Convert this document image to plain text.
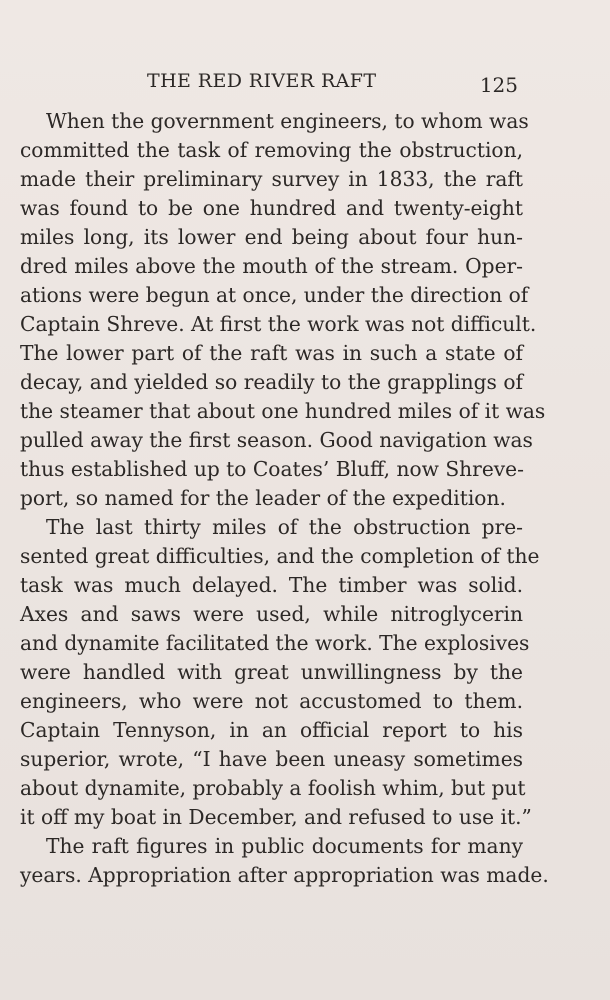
THE RED RIVER RAFT	125
When the government engineers, to whom was
committed the task of removing the obstruction,
made their preliminary survey in 1833, the raft
was found to be one hundred and twenty-eight
miles long, its lower end being about four hun-
dred miles above the mouth of the stream. Oper-
ations were begun at once, under the direction of
Captain Shreve. At first the work was not difficult.
The lower part of the raft was in such a state of
decay, and yielded so readily to the grapplings of
the steamer that about one hundred miles of it was
pulled away the first season. Good navigation was
thus established up to Coates’ Bluff, now Shreve-
port, so named for the leader of the expedition.
The last thirty miles of the obstruction pre-
sented great difficulties, and the completion of the
task was much delayed. The timber was solid.
Axes and saws were used, while nitroglycerin
and dynamite facilitated the work. The explosives
were handled with great unwillingness by the
engineers, who were not accustomed to them.
Captain Tennyson, in an official report to his
superior, wrote, “I have been uneasy sometimes
about dynamite, probably a foolish whim, but put
it off my boat in December, and refused to use it.”
The raft figures in public documents for many
years. Appropriation after appropriation was made.
